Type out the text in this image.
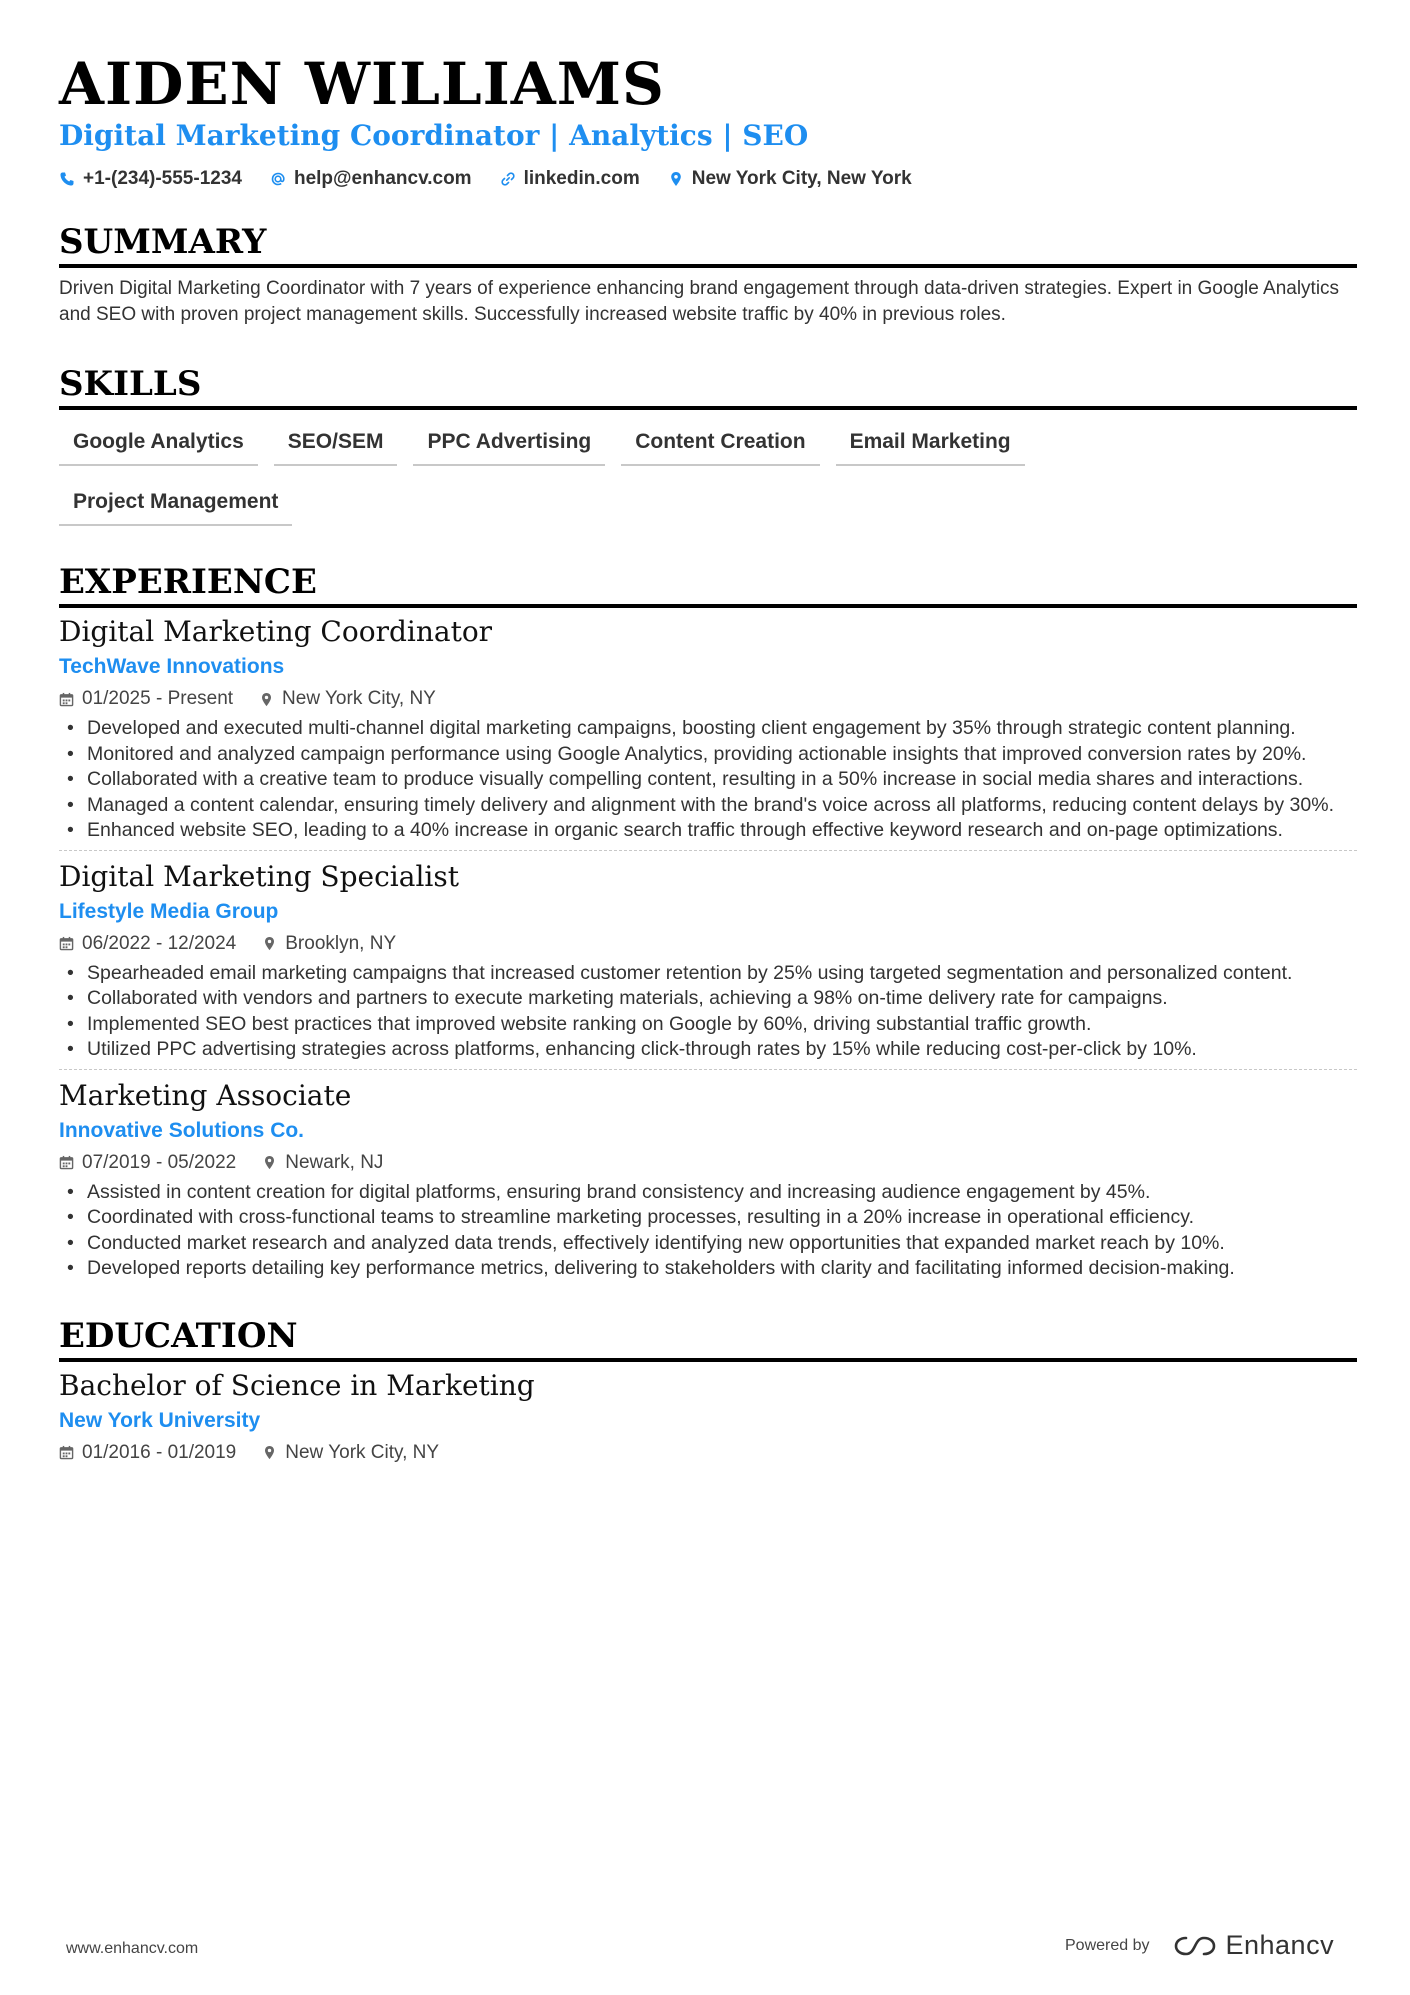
AIDEN WILLIAMS
Digital Marketing Coordinator | Analytics | SEO
+1-(234)-555-1234	help@enhancv.com	linkedin.com	New York City, New York
SUMMARY
Driven Digital Marketing Coordinator with 7 years of experience enhancing brand engagement through data-driven strategies. Expert in Google Analytics and SEO with proven project management skills. Successfully increased website traffic by 40% in previous roles.
SKILLS
Google Analytics	SEO/SEM	PPC Advertising	Content Creation	Email Marketing
Project Management
EXPERIENCE
Digital Marketing Coordinator
TechWave Innovations
01/2025 - Present	New York City, NY
• Developed and executed multi-channel digital marketing campaigns, boosting client engagement by 35% through strategic content planning.
• Monitored and analyzed campaign performance using Google Analytics, providing actionable insights that improved conversion rates by 20%.
• Collaborated with a creative team to produce visually compelling content, resulting in a 50% increase in social media shares and interactions.
• Managed a content calendar, ensuring timely delivery and alignment with the brand's voice across all platforms, reducing content delays by 30%.
• Enhanced website SEO, leading to a 40% increase in organic search traffic through effective keyword research and on-page optimizations.
Digital Marketing Specialist
Lifestyle Media Group
06/2022 - 12/2024	Brooklyn, NY
• Spearheaded email marketing campaigns that increased customer retention by 25% using targeted segmentation and personalized content.
• Collaborated with vendors and partners to execute marketing materials, achieving a 98% on-time delivery rate for campaigns.
• Implemented SEO best practices that improved website ranking on Google by 60%, driving substantial traffic growth.
• Utilized PPC advertising strategies across platforms, enhancing click-through rates by 15% while reducing cost-per-click by 10%.
Marketing Associate
Innovative Solutions Co.
07/2019 - 05/2022	Newark, NJ
• Assisted in content creation for digital platforms, ensuring brand consistency and increasing audience engagement by 45%.
• Coordinated with cross-functional teams to streamline marketing processes, resulting in a 20% increase in operational efficiency.
• Conducted market research and analyzed data trends, effectively identifying new opportunities that expanded market reach by 10%.
• Developed reports detailing key performance metrics, delivering to stakeholders with clarity and facilitating informed decision-making.
EDUCATION
Bachelor of Science in Marketing
New York University
01/2016 - 01/2019	New York City, NY
www.enhancv.com	Powered by	Enhancv
